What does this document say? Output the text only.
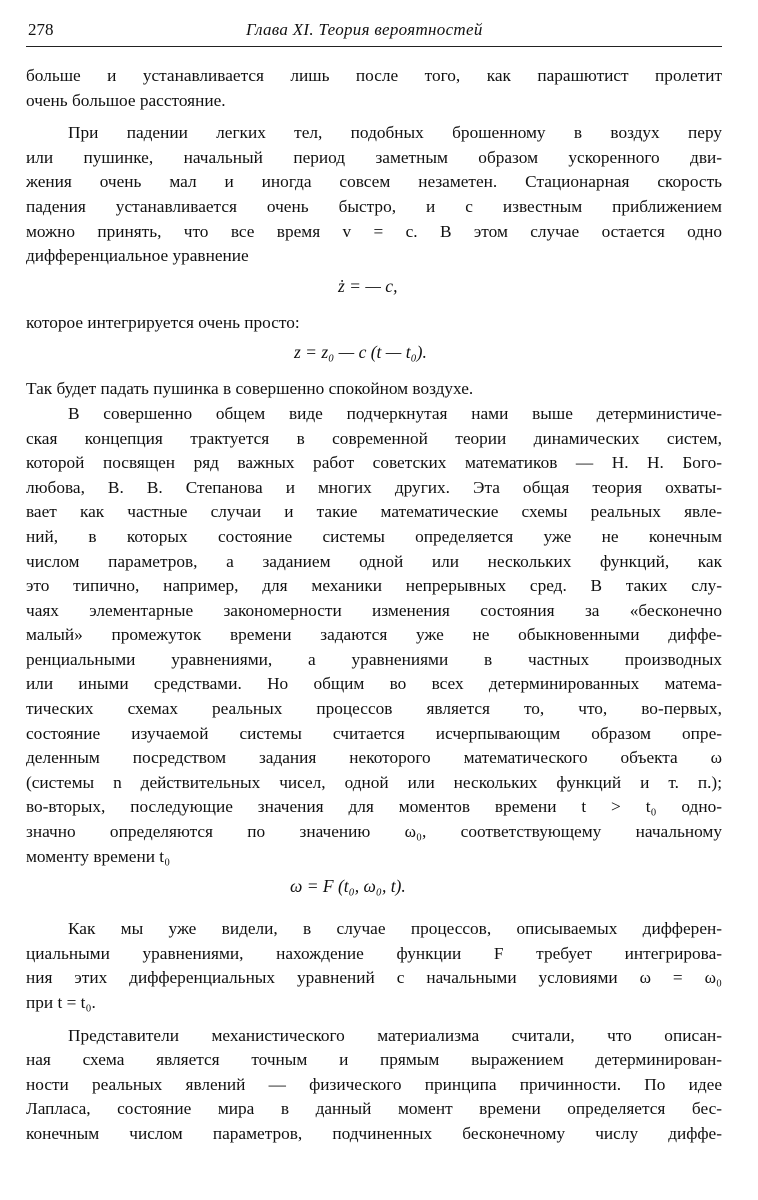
278	Глава XI. Теория вероятностей
больше и устанавливается лишь после того, как парашютист пролетит
очень большое расстояние.
При падении легких тел, подобных брошенному в воздух перу
или пушинке, начальный период заметным образом ускоренного дви-
жения очень мал и иногда совсем незаметен. Стационарная скорость
падения устанавливается очень быстро, и с известным приближением
можно принять, что все время v = c. В этом случае остается одно
дифференциальное уравнение
ż = — c,
которое интегрируется очень просто:
z = z₀ — c (t — t₀).
Так будет падать пушинка в совершенно спокойном воздухе.
В совершенно общем виде подчеркнутая нами выше детерминистиче-
ская концепция трактуется в современной теории динамических систем,
которой посвящен ряд важных работ советских математиков — Н. Н. Бого-
любова, В. В. Степанова и многих других. Эта общая теория охваты-
вает как частные случаи и такие математические схемы реальных явле-
ний, в которых состояние системы определяется уже не конечным
числом параметров, а заданием одной или нескольких функций, как
это типично, например, для механики непрерывных сред. В таких слу-
чаях элементарные закономерности изменения состояния за «бесконечно
малый» промежуток времени задаются уже не обыкновенными диффе-
ренциальными уравнениями, а уравнениями в частных производных
или иными средствами. Но общим во всех детерминированных матема-
тических схемах реальных процессов является то, что, во-первых,
состояние изучаемой системы считается исчерпывающим образом опре-
деленным посредством задания некоторого математического объекта ω
(системы n действительных чисел, одной или нескольких функций и т. п.);
во-вторых, последующие значения для моментов времени t > t₀ одно-
значно определяются по значению ω₀, соответствующему начальному
моменту времени t₀
ω = F (t₀, ω₀, t).
Как мы уже видели, в случае процессов, описываемых дифферен-
циальными уравнениями, нахождение функции F требует интегрирова-
ния этих дифференциальных уравнений с начальными условиями ω = ω₀
при t = t₀.
Представители механистического материализма считали, что описан-
ная схема является точным и прямым выражением детерминирован-
ности реальных явлений — физического принципа причинности. По идее
Лапласа, состояние мира в данный момент времени определяется бес-
конечным числом параметров, подчиненных бесконечному числу диффе-
